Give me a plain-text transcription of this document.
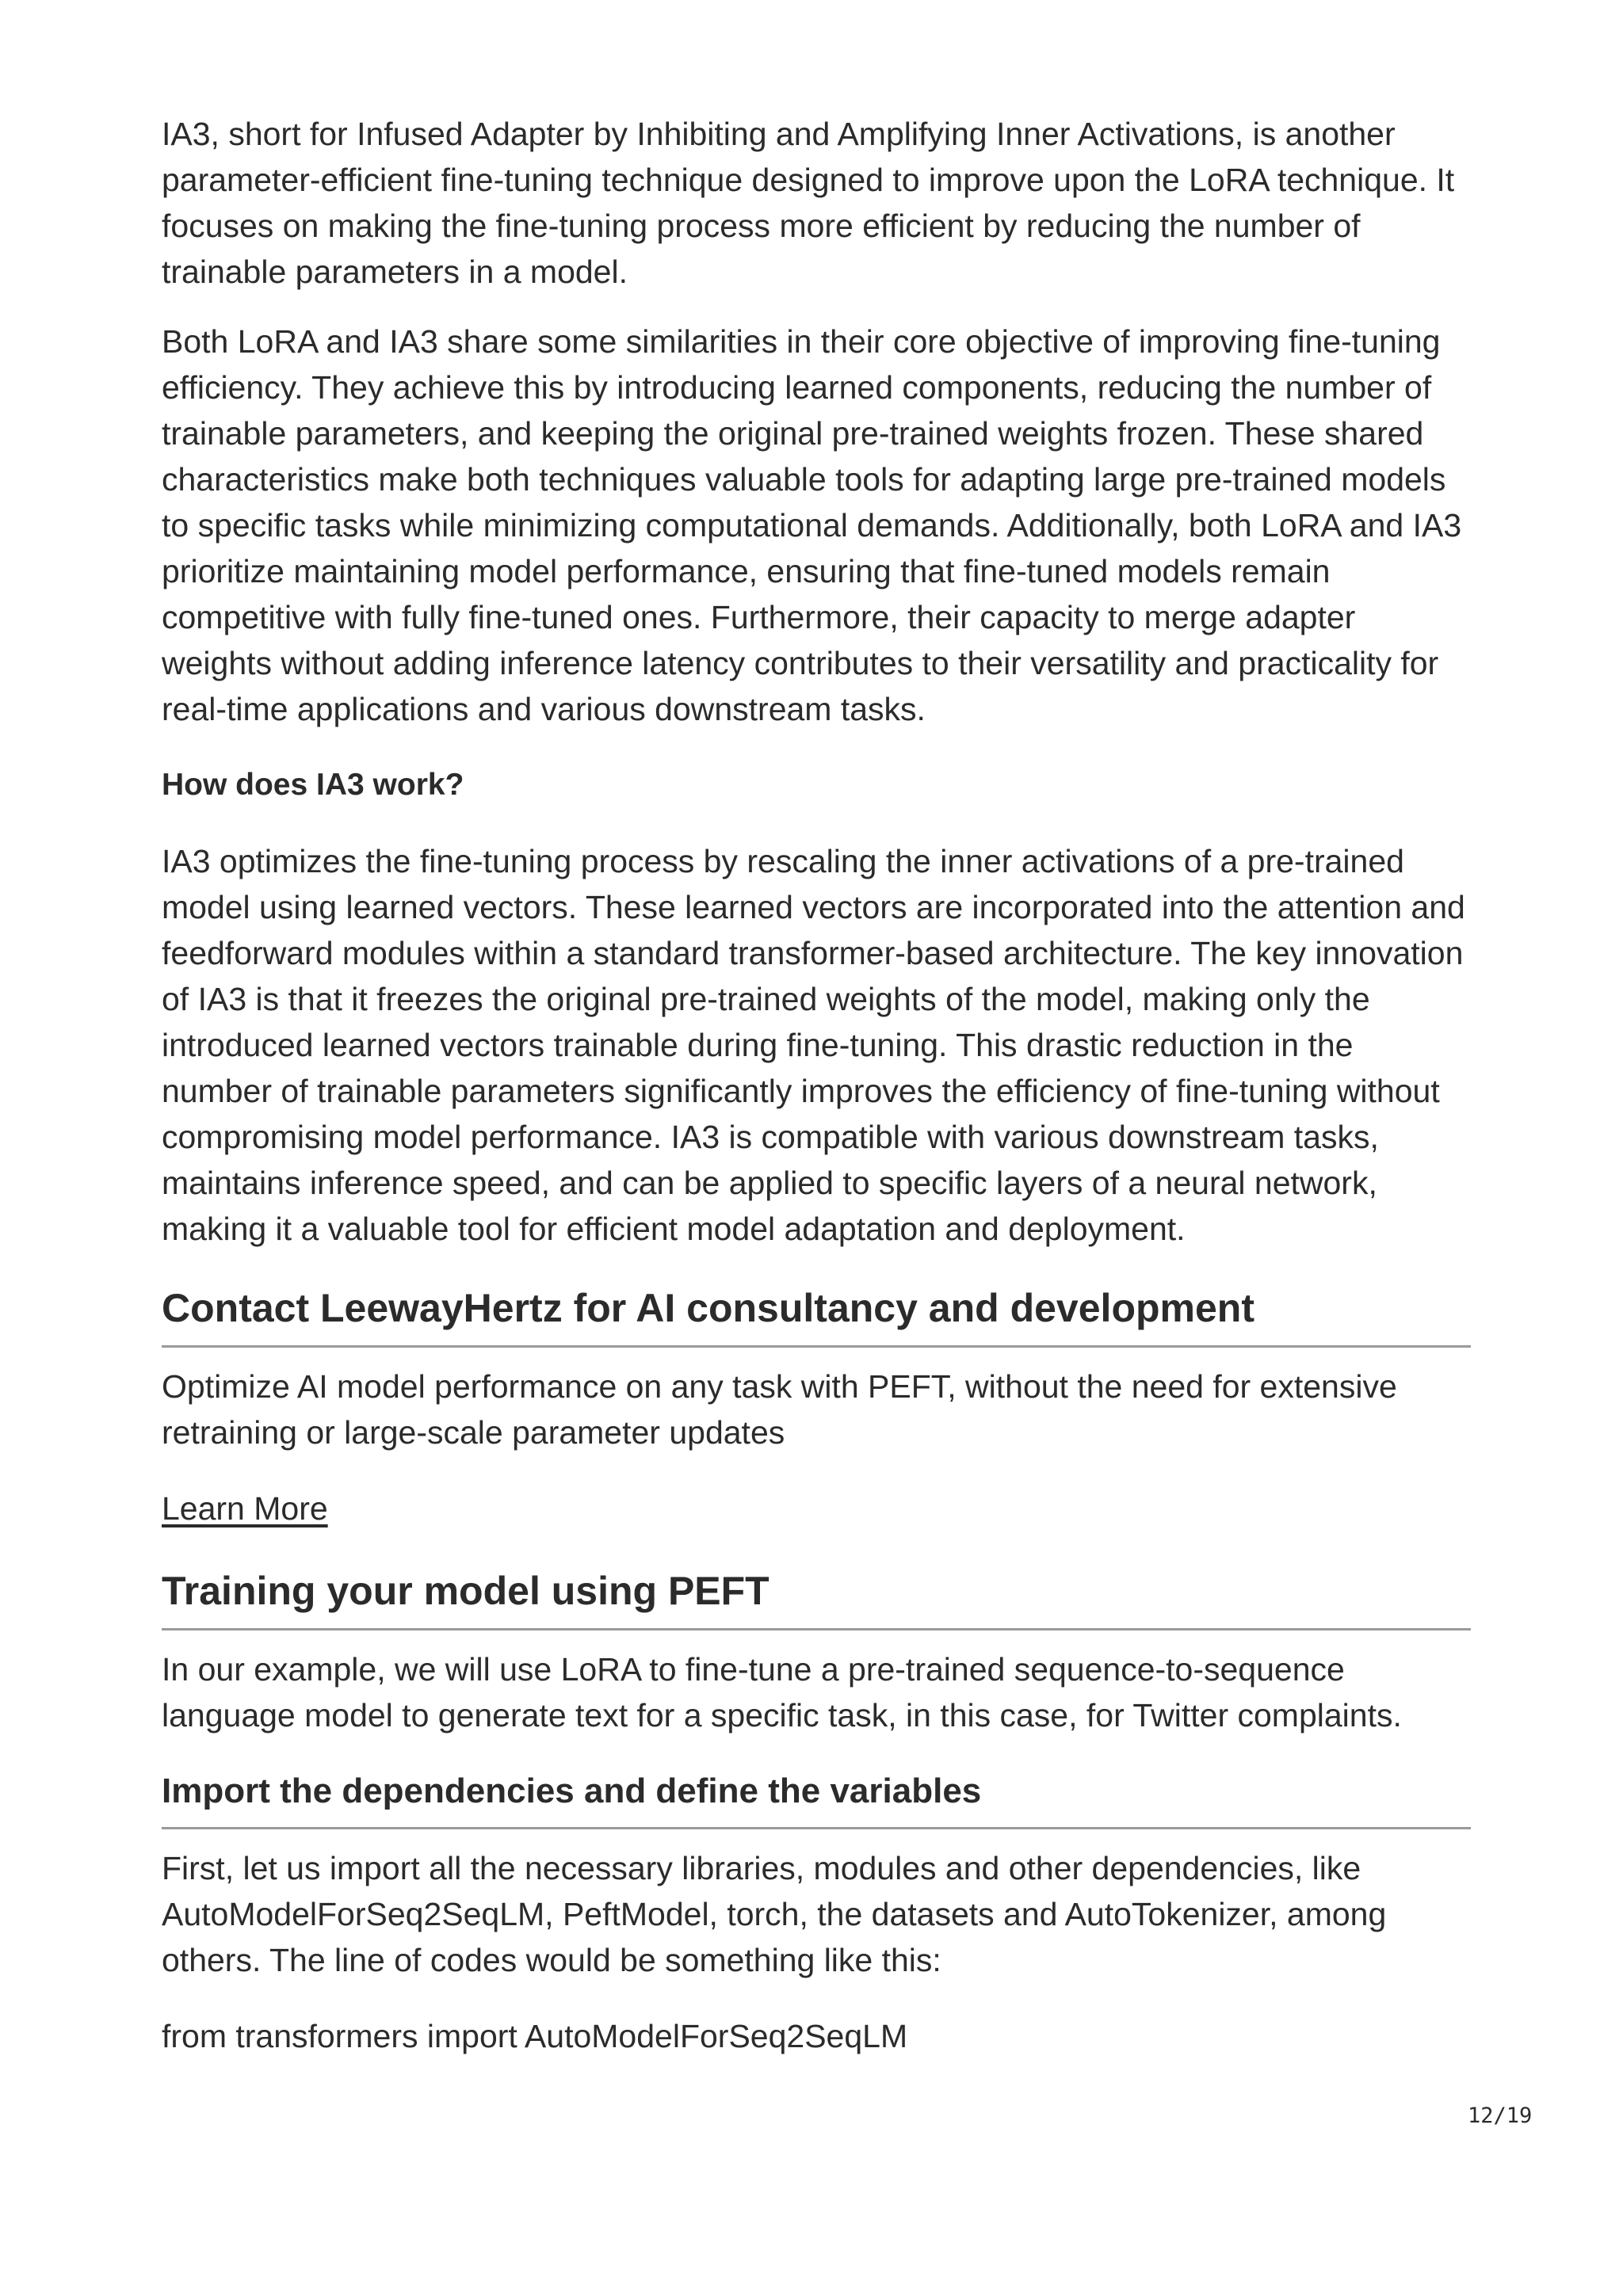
IA3, short for Infused Adapter by Inhibiting and Amplifying Inner Activations, is another parameter-efficient fine-tuning technique designed to improve upon the LoRA technique. It focuses on making the fine-tuning process more efficient by reducing the number of trainable parameters in a model.

Both LoRA and IA3 share some similarities in their core objective of improving fine-tuning efficiency. They achieve this by introducing learned components, reducing the number of trainable parameters, and keeping the original pre-trained weights frozen. These shared characteristics make both techniques valuable tools for adapting large pre-trained models to specific tasks while minimizing computational demands. Additionally, both LoRA and IA3 prioritize maintaining model performance, ensuring that fine-tuned models remain competitive with fully fine-tuned ones. Furthermore, their capacity to merge adapter weights without adding inference latency contributes to their versatility and practicality for real-time applications and various downstream tasks.

How does IA3 work?

IA3 optimizes the fine-tuning process by rescaling the inner activations of a pre-trained model using learned vectors. These learned vectors are incorporated into the attention and feedforward modules within a standard transformer-based architecture. The key innovation of IA3 is that it freezes the original pre-trained weights of the model, making only the introduced learned vectors trainable during fine-tuning. This drastic reduction in the number of trainable parameters significantly improves the efficiency of fine-tuning without compromising model performance. IA3 is compatible with various downstream tasks, maintains inference speed, and can be applied to specific layers of a neural network, making it a valuable tool for efficient model adaptation and deployment.

Contact LeewayHertz for AI consultancy and development

Optimize AI model performance on any task with PEFT, without the need for extensive retraining or large-scale parameter updates

Learn More
Training your model using PEFT

In our example, we will use LoRA to fine-tune a pre-trained sequence-to-sequence language model to generate text for a specific task, in this case, for Twitter complaints.

Import the dependencies and define the variables

First, let us import all the necessary libraries, modules and other dependencies, like AutoModelForSeq2SeqLM, PeftModel, torch, the datasets and AutoTokenizer, among others. The line of codes would be something like this:

from transformers import AutoModelForSeq2SeqLM

12/19
